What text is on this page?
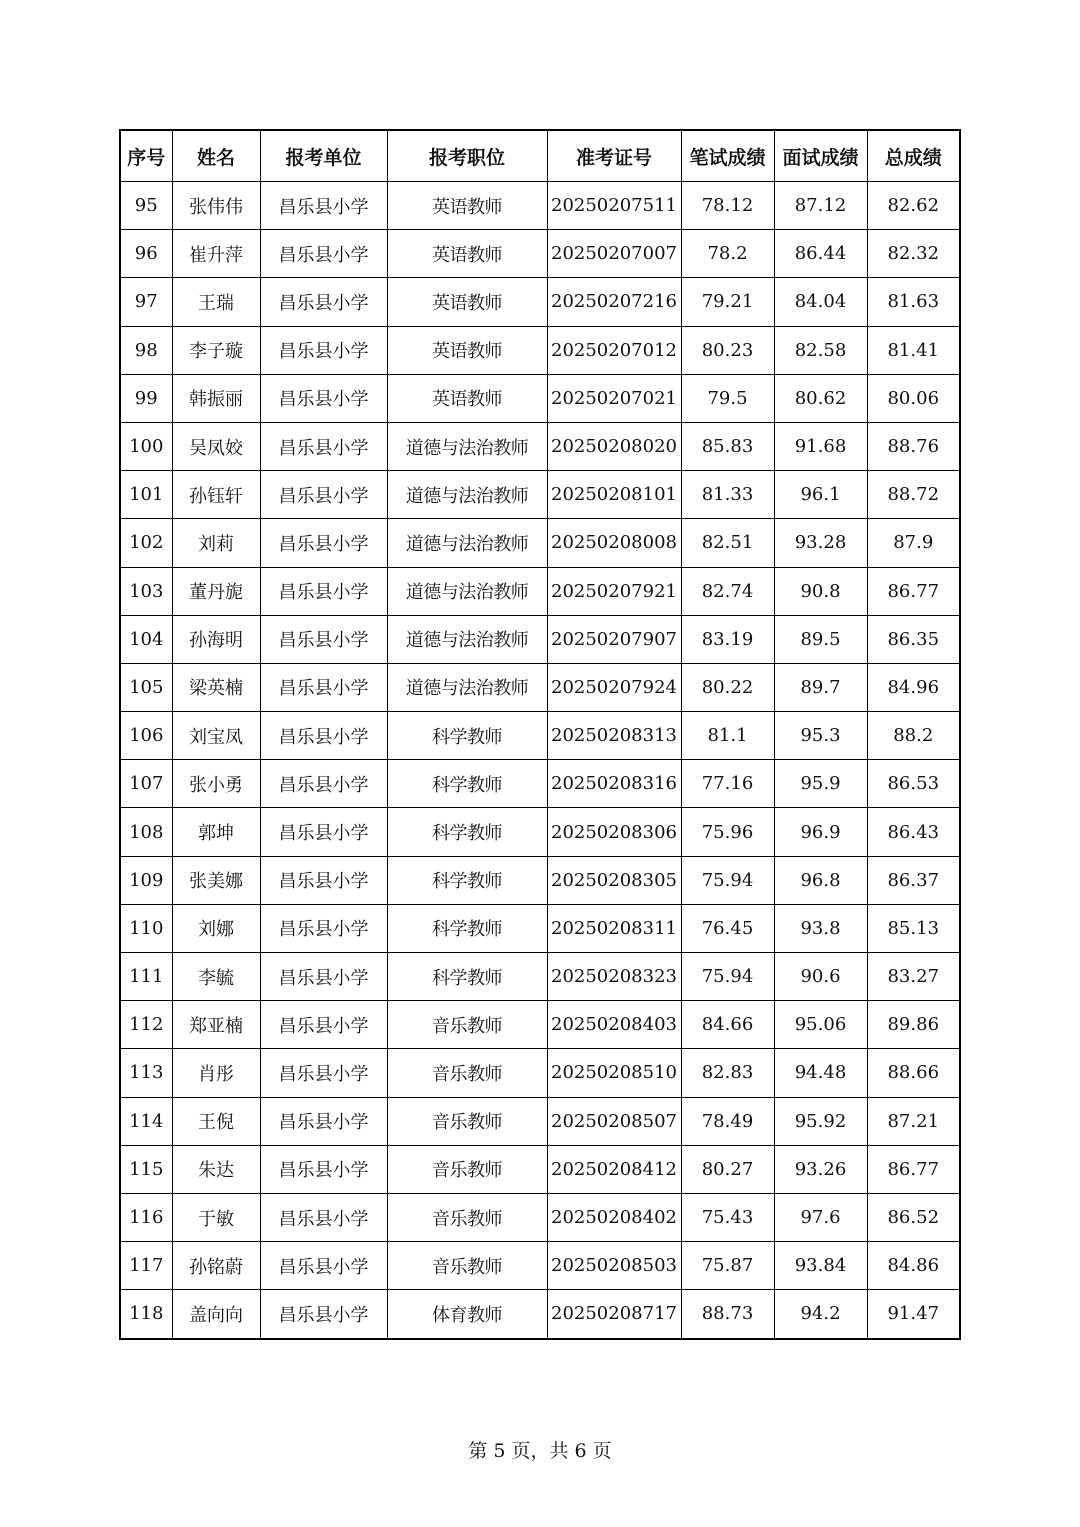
序号	姓名	报考单位	报考职位	准考证号	笔试成绩	面试成绩	总成绩
95	张伟伟	昌乐县小学	英语教师	20250207511	78.12	87.12	82.62
96	崔升萍	昌乐县小学	英语教师	20250207007	78.2	86.44	82.32
97	王瑞	昌乐县小学	英语教师	20250207216	79.21	84.04	81.63
98	李子璇	昌乐县小学	英语教师	20250207012	80.23	82.58	81.41
99	韩振丽	昌乐县小学	英语教师	20250207021	79.5	80.62	80.06
100	吴凤姣	昌乐县小学	道德与法治教师	20250208020	85.83	91.68	88.76
101	孙钰轩	昌乐县小学	道德与法治教师	20250208101	81.33	96.1	88.72
102	刘莉	昌乐县小学	道德与法治教师	20250208008	82.51	93.28	87.9
103	董丹旎	昌乐县小学	道德与法治教师	20250207921	82.74	90.8	86.77
104	孙海明	昌乐县小学	道德与法治教师	20250207907	83.19	89.5	86.35
105	梁英楠	昌乐县小学	道德与法治教师	20250207924	80.22	89.7	84.96
106	刘宝凤	昌乐县小学	科学教师	20250208313	81.1	95.3	88.2
107	张小勇	昌乐县小学	科学教师	20250208316	77.16	95.9	86.53
108	郭坤	昌乐县小学	科学教师	20250208306	75.96	96.9	86.43
109	张美娜	昌乐县小学	科学教师	20250208305	75.94	96.8	86.37
110	刘娜	昌乐县小学	科学教师	20250208311	76.45	93.8	85.13
111	李毓	昌乐县小学	科学教师	20250208323	75.94	90.6	83.27
112	郑亚楠	昌乐县小学	音乐教师	20250208403	84.66	95.06	89.86
113	肖彤	昌乐县小学	音乐教师	20250208510	82.83	94.48	88.66
114	王倪	昌乐县小学	音乐教师	20250208507	78.49	95.92	87.21
115	朱达	昌乐县小学	音乐教师	20250208412	80.27	93.26	86.77
116	于敏	昌乐县小学	音乐教师	20250208402	75.43	97.6	86.52
117	孙铭蔚	昌乐县小学	音乐教师	20250208503	75.87	93.84	84.86
118	盖向向	昌乐县小学	体育教师	20250208717	88.73	94.2	91.47
第 5 页，共 6 页
